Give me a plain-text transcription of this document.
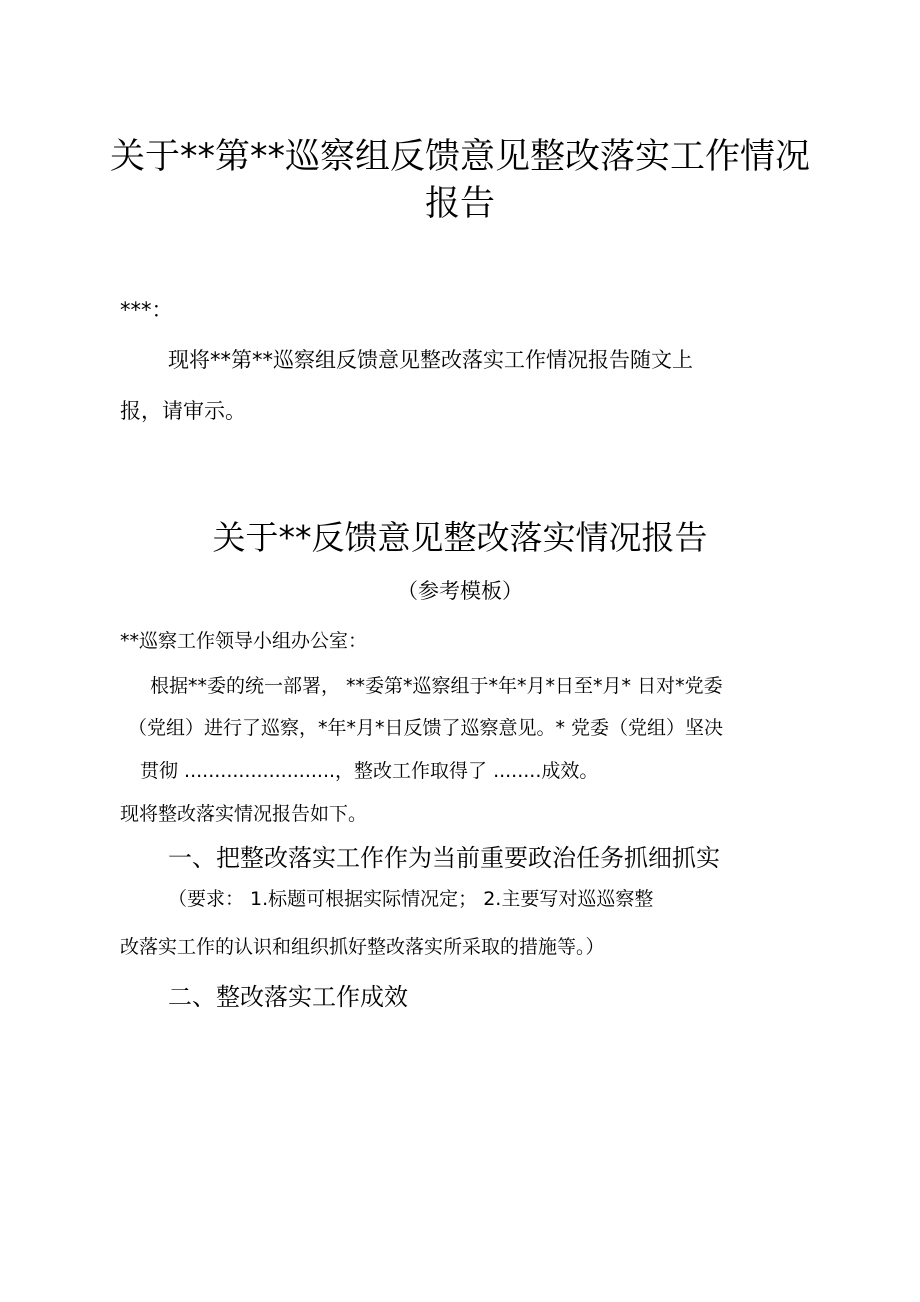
关于**第**巡察组反馈意见整改落实工作情况
报告
***：
现将**第**巡察组反馈意见整改落实工作情况报告随文上
报，请审示。
关于**反馈意见整改落实情况报告
（参考模板）
**巡察工作领导小组办公室：
根据**委的统一部署， **委第*巡察组于*年*月*日至*月* 日对*党委
（党组）进行了巡察，*年*月*日反馈了巡察意见。* 党委（党组）坚决
贯彻 .........................，整改工作取得了 ........成效。
现将整改落实情况报告如下。
一、把整改落实工作作为当前重要政治任务抓细抓实
（要求： 1.标题可根据实际情况定； 2.主要写对巡巡察整
改落实工作的认识和组织抓好整改落实所采取的措施等。）
二、整改落实工作成效
